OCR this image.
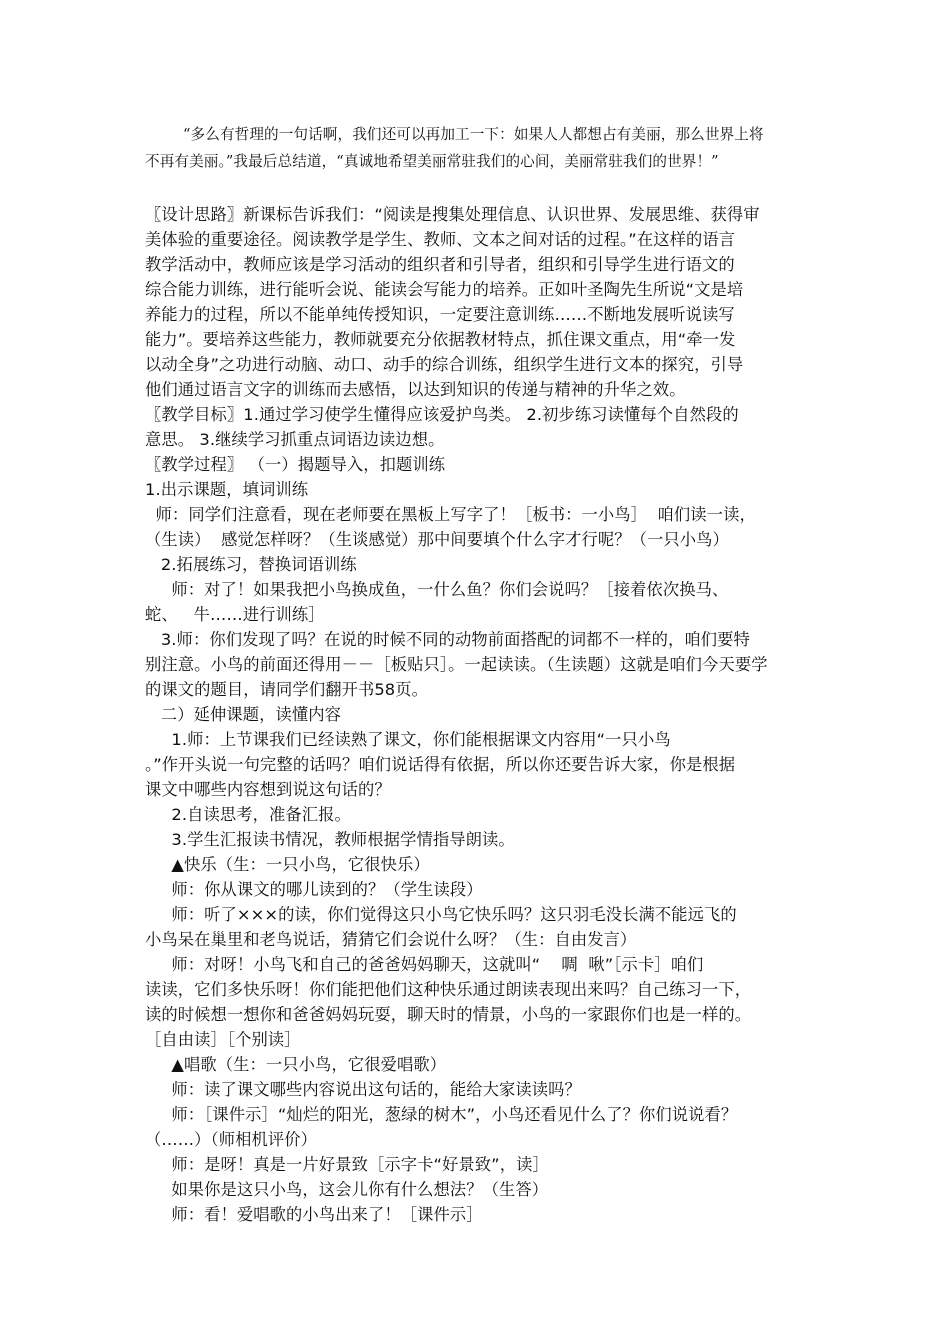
“多么有哲理的一句话啊，我们还可以再加工一下：如果人人都想占有美丽，那么世界上将
不再有美丽。”我最后总结道，“真诚地希望美丽常驻我们的心间，美丽常驻我们的世界！”
〖设计思路〗新课标告诉我们：“阅读是搜集处理信息、认识世界、发展思维、获得审
美体验的重要途径。阅读教学是学生、教师、文本之间对话的过程。”在这样的语言
教学活动中，教师应该是学习活动的组织者和引导者，组织和引导学生进行语文的
综合能力训练，进行能听会说、能读会写能力的培养。正如叶圣陶先生所说“文是培
养能力的过程，所以不能单纯传授知识，一定要注意训练……不断地发展听说读写
能力”。要培养这些能力，教师就要充分依据教材特点，抓住课文重点，用“牵一发
以动全身”之功进行动脑、动口、动手的综合训练，组织学生进行文本的探究，引导
他们通过语言文字的训练而去感悟，以达到知识的传递与精神的升华之效。
〖教学目标〗1.通过学习使学生懂得应该爱护鸟类。 2.初步练习读懂每个自然段的
意思。 3.继续学习抓重点词语边读边想。
〖教学过程〗 （一）揭题导入，扣题训练
1.出示课题，填词训练
师：同学们注意看，现在老师要在黑板上写字了！［板书：一小鸟］  咱们读一读，
（生读）  感觉怎样呀？（生谈感觉）那中间要填个什么字才行呢？（一只小鸟）
2.拓展练习，替换词语训练
师：对了！如果我把小鸟换成鱼，一什么鱼？你们会说吗？［接着依次换马、
蛇、   牛……进行训练］
3.师：你们发现了吗？在说的时候不同的动物前面搭配的词都不一样的，咱们要特
别注意。小鸟的前面还得用－－［板贴只］。一起读读。（生读题）这就是咱们今天要学
的课文的题目，请同学们翻开书58页。
二）延伸课题，读懂内容
1.师：上节课我们已经读熟了课文，你们能根据课文内容用“一只小鸟
。”作开头说一句完整的话吗？咱们说话得有依据，所以你还要告诉大家，你是根据
课文中哪些内容想到说这句话的？
2.自读思考，准备汇报。
3.学生汇报读书情况，教师根据学情指导朗读。
▲快乐（生：一只小鸟，它很快乐）
师：你从课文的哪儿读到的？（学生读段）
师：听了×××的读，你们觉得这只小鸟它快乐吗？这只羽毛没长满不能远飞的
小鸟呆在巢里和老鸟说话，猜猜它们会说什么呀？（生：自由发言）
师：对呀！小鸟飞和自己的爸爸妈妈聊天，这就叫“    啁  啾”［示卡］咱们
读读，它们多快乐呀！你们能把他们这种快乐通过朗读表现出来吗？自己练习一下，
读的时候想一想你和爸爸妈妈玩耍，聊天时的情景，小鸟的一家跟你们也是一样的。
［自由读］［个别读］
▲唱歌（生：一只小鸟，它很爱唱歌）
师：读了课文哪些内容说出这句话的，能给大家读读吗？
师：［课件示］“灿烂的阳光，葱绿的树木”，小鸟还看见什么了？你们说说看？
（……）（师相机评价）
师：是呀！真是一片好景致［示字卡“好景致”，读］
如果你是这只小鸟，这会儿你有什么想法？（生答）
师：看！爱唱歌的小鸟出来了！［课件示］
